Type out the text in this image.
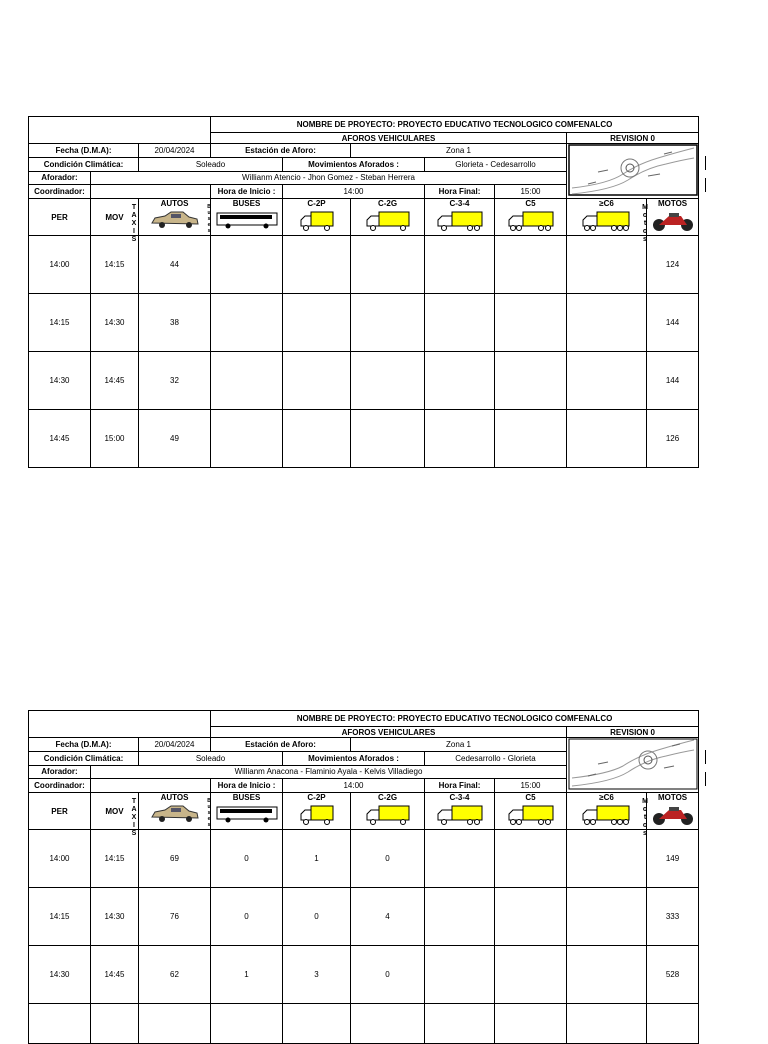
			NOMBRE DE PROYECTO: PROYECTO EDUCATIVO TECNOLOGICO COMFENALCO						
			AFOROS VEHICULARES					REVISION 0	
Fecha (D.M.A):		20/04/2024	Estación de Aforo:		Zona 1	
Condición Climática:		Soleado		Movimientos Aforados :		Glorieta - Cedesarrollo			
Aforador:	Willianm Atencio - Jhon Gomez - Steban Herrera								
Coordinador:			Hora de Inicio :	14:00		Hora Final:	15:00		
PER	MOV	AUTOS	BUSES	C-2P	C-2G	C-3-4	C5	≥C6	MOTOS

14:00	14:15	44							124
14:15	14:30	38							144
14:30	14:45	32							144
14:45	15:00	49							126
T
A
X
I
S
M
o
t
o
s
B
u
s
e
s
			NOMBRE DE PROYECTO: PROYECTO EDUCATIVO TECNOLOGICO COMFENALCO						
			AFOROS VEHICULARES					REVISION 0	
Fecha (D.M.A):		20/04/2024	Estación de Aforo:		Zona 1	
Condición Climática:		Soleado		Movimientos Aforados :		Cedesarrollo - Glorieta			
Aforador:	Willianm Anacona - Flaminio Ayala - Kelvis Villadiego								
Coordinador:			Hora de Inicio :	14:00		Hora Final:	15:00		
PER	MOV	AUTOS	BUSES	C-2P	C-2G	C-3-4	C5	≥C6	MOTOS

14:00	14:15	69	0	1	0				149
14:15	14:30	76	0	0	4				333
14:30	14:45	62	1	3	0				528

T
A
X
I
S
M
o
t
o
s
B
u
s
e
s
